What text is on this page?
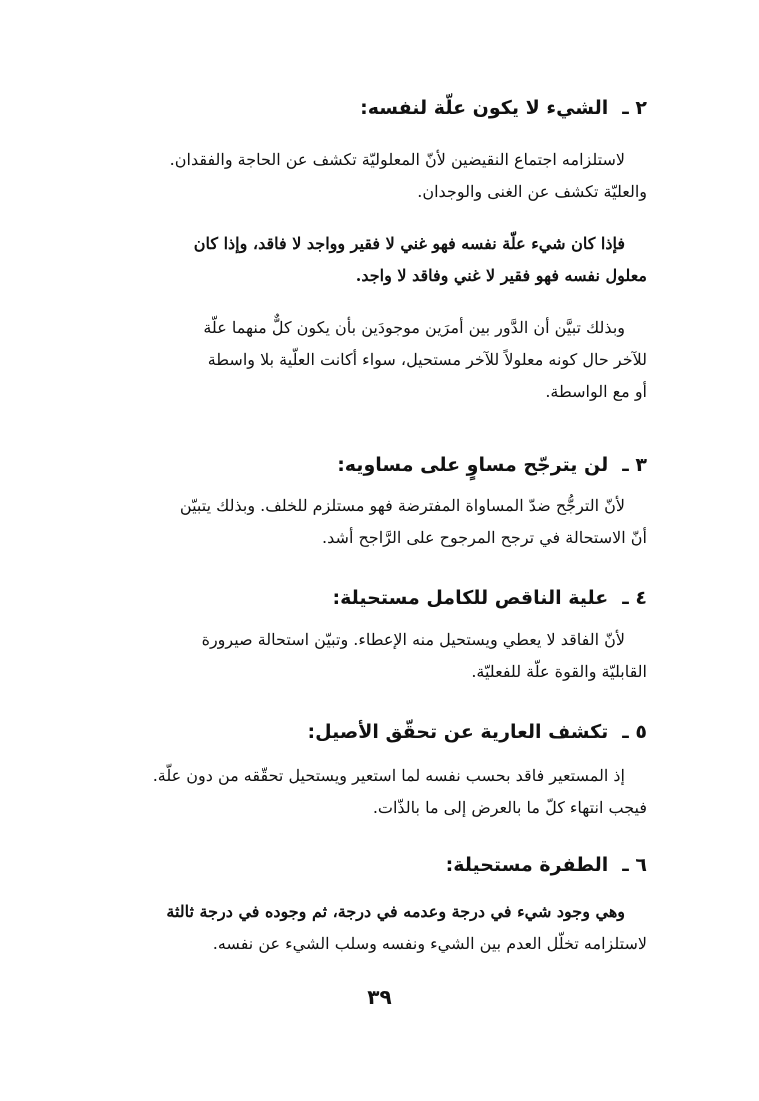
٢ ـالشيء لا يكون علّة لنفسه:

لاستلزامه اجتماع النقيضين لأنّ المعلوليّة تكشف عن الحاجة والفقدان.
والعليّة تكشف عن الغنى والوجدان.

فإذا كان شيء علّة نفسه فهو غني لا فقير وواجد لا فاقد، وإذا كان
معلول نفسه فهو فقير لا غني وفاقد لا واجد.

وبذلك تبيَّن أن الدَّور بين أمرَين موجودَين بأن يكون كلٌّ منهما علّة
للآخر حال كونه معلولاً للآخر مستحيل، سواء أكانت العلّية بلا واسطة
أو مع الواسطة.

٣ ـلن يترجّح مساوٍ على مساويه:

لأنّ الترجُّح ضدّ المساواة المفترضة فهو مستلزم للخلف. وبذلك يتبيّن
أنّ الاستحالة في ترجح المرجوح على الرَّاجح أشد.

٤ ـعلية الناقص للكامل مستحيلة:

لأنّ الفاقد لا يعطي ويستحيل منه الإعطاء. وتبيّن استحالة صيرورة
القابليّة والقوة علّة للفعليّة.

٥ ـتكشف العارية عن تحقّق الأصيل:

إذ المستعير فاقد بحسب نفسه لما استعير ويستحيل تحقّقه من دون علّة.
فيجب انتهاء كلّ ما بالعرض إلى ما بالذّات.

٦ ـالطفرة مستحيلة:

وهي وجود شيء في درجة وعدمه في درجة، ثم وجوده في درجة ثالثة
لاستلزامه تخلّل العدم بين الشيء ونفسه وسلب الشيء عن نفسه.

٣٩
